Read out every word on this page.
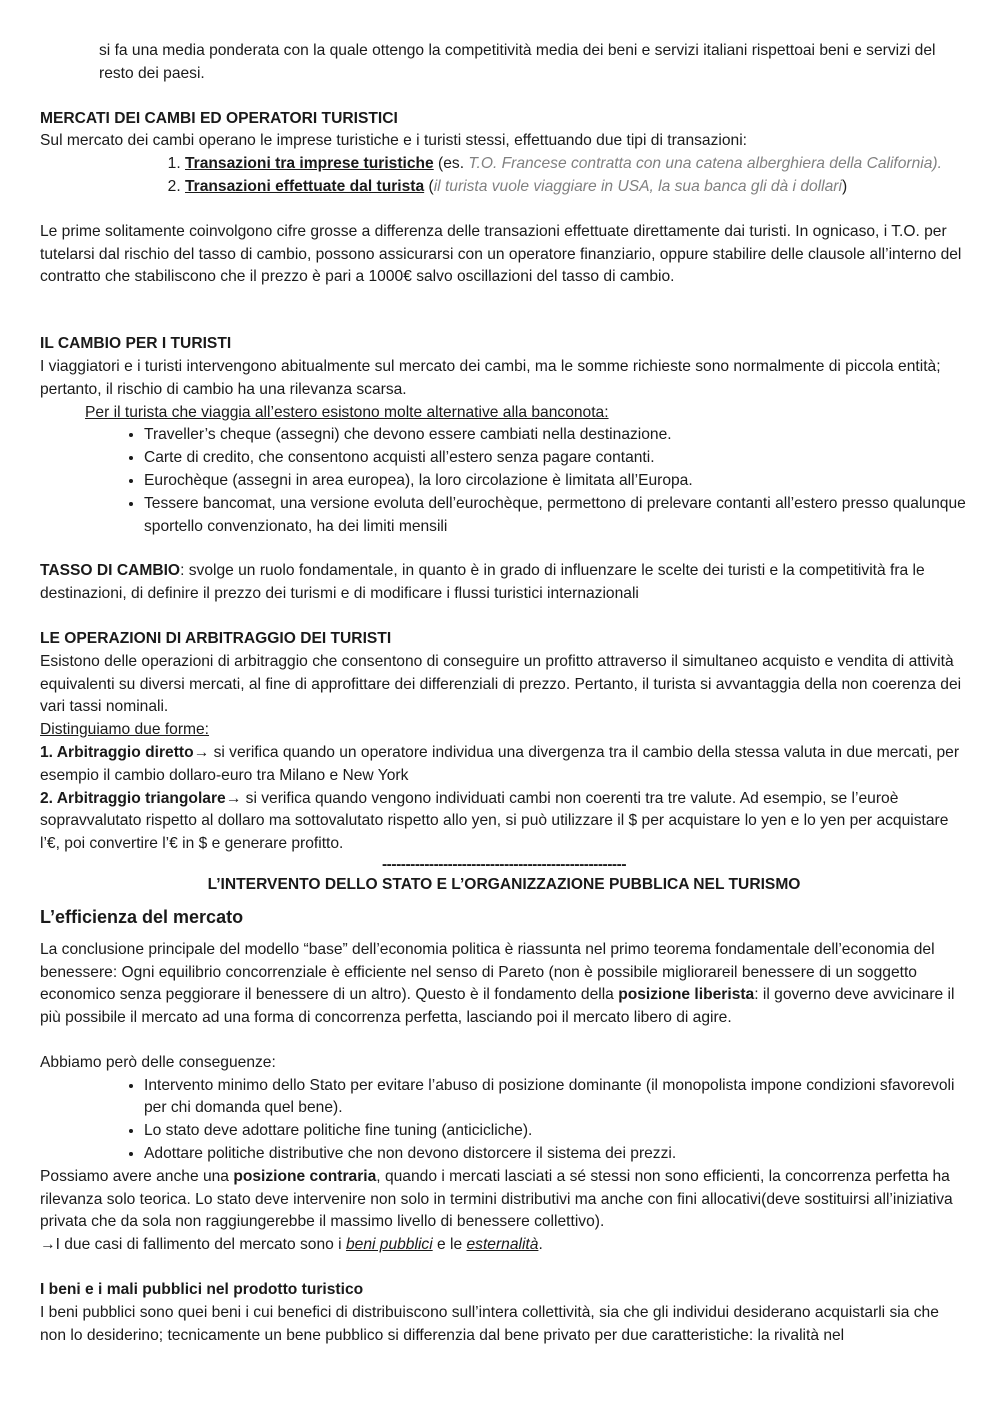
si fa una media ponderata con la quale ottengo la competitività media dei beni e servizi italiani rispettoai beni e servizi del resto dei paesi.

MERCATI DEI CAMBI ED OPERATORI TURISTICI

Sul mercato dei cambi operano le imprese turistiche e i turisti stessi, effettuando due tipi di transazioni:

1. Transazioni tra imprese turistiche (es. T.O. Francese contratta con una catena alberghiera della California).
2. Transazioni effettuate dal turista (il turista vuole viaggiare in USA, la sua banca gli dà i dollari)

Le prime solitamente coinvolgono cifre grosse a differenza delle transazioni effettuate direttamente dai turisti. In ognicaso, i T.O. per tutelarsi dal rischio del tasso di cambio, possono assicurarsi con un operatore finanziario, oppure stabilire delle clausole all’interno del contratto che stabiliscono che il prezzo è pari a 1000€ salvo oscillazioni del tasso di cambio.

IL CAMBIO PER I TURISTI

I viaggiatori e i turisti intervengono abitualmente sul mercato dei cambi, ma le somme richieste sono normalmente di piccola entità; pertanto, il rischio di cambio ha una rilevanza scarsa.

Per il turista che viaggia all’estero esistono molte alternative alla banconota:

• Traveller’s cheque (assegni) che devono essere cambiati nella destinazione.
• Carte di credito, che consentono acquisti all’estero senza pagare contanti.
• Eurochèque (assegni in area europea), la loro circolazione è limitata all’Europa.
• Tessere bancomat, una versione evoluta dell’eurochèque, permettono di prelevare contanti all’estero presso qualunque sportello convenzionato, ha dei limiti mensili

TASSO DI CAMBIO: svolge un ruolo fondamentale, in quanto è in grado di influenzare le scelte dei turisti e la competitività fra le destinazioni, di definire il prezzo dei turismi e di modificare i flussi turistici internazionali

LE OPERAZIONI DI ARBITRAGGIO DEI TURISTI

Esistono delle operazioni di arbitraggio che consentono di conseguire un profitto attraverso il simultaneo acquisto e vendita di attività equivalenti su diversi mercati, al fine di approfittare dei differenziali di prezzo. Pertanto, il turista si avvantaggia della non coerenza dei vari tassi nominali.

Distinguiamo due forme:

1. Arbitraggio diretto→ si verifica quando un operatore individua una divergenza tra il cambio della stessa valuta in due mercati, per esempio il cambio dollaro-euro tra Milano e New York

2. Arbitraggio triangolare→ si verifica quando vengono individuati cambi non coerenti tra tre valute. Ad esempio, se l’euroè sopravvalutato rispetto al dollaro ma sottovalutato rispetto allo yen, si può utilizzare il $ per acquistare lo yen e lo yen per acquistare l’€, poi convertire l’€ in $ e generare profitto.

----------------------------------------------------

L’INTERVENTO DELLO STATO E L’ORGANIZZAZIONE PUBBLICA NEL TURISMO

L’efficienza del mercato

La conclusione principale del modello “base” dell’economia politica è riassunta nel primo teorema fondamentale dell’economia del benessere: Ogni equilibrio concorrenziale è efficiente nel senso di Pareto (non è possibile migliorareil benessere di un soggetto economico senza peggiorare il benessere di un altro). Questo è il fondamento della posizione liberista: il governo deve avvicinare il più possibile il mercato ad una forma di concorrenza perfetta, lasciando poi il mercato libero di agire.

Abbiamo però delle conseguenze:

• Intervento minimo dello Stato per evitare l’abuso di posizione dominante (il monopolista impone condizioni sfavorevoli per chi domanda quel bene).
• Lo stato deve adottare politiche fine tuning (anticicliche).
• Adottare politiche distributive che non devono distorcere il sistema dei prezzi.

Possiamo avere anche una posizione contraria, quando i mercati lasciati a sé stessi non sono efficienti, la concorrenza perfetta ha rilevanza solo teorica. Lo stato deve intervenire non solo in termini distributivi ma anche con fini allocativi(deve sostituirsi all’iniziativa privata che da sola non raggiungerebbe il massimo livello di benessere collettivo).

→I due casi di fallimento del mercato sono i beni pubblici e le esternalità.

I beni e i mali pubblici nel prodotto turistico

I beni pubblici sono quei beni i cui benefici di distribuiscono sull’intera collettività, sia che gli individui desiderano acquistarli sia che non lo desiderino; tecnicamente un bene pubblico si differenzia dal bene privato per due caratteristiche: la rivalità nel
